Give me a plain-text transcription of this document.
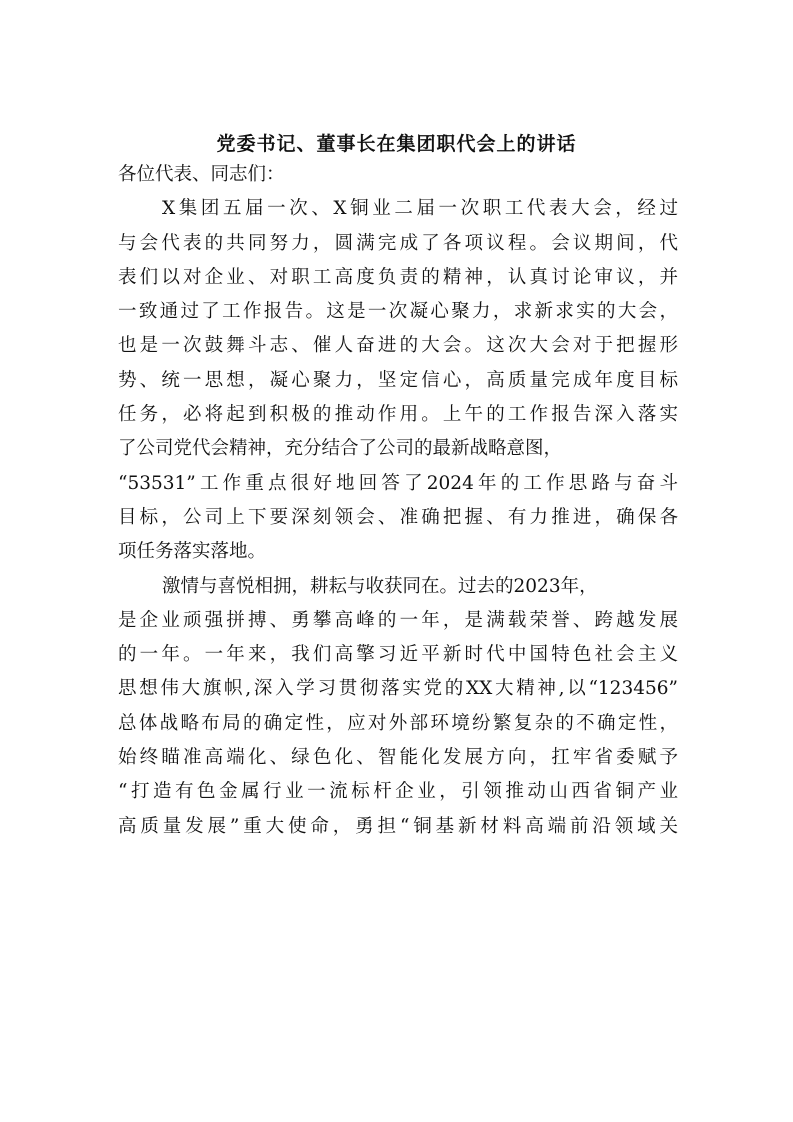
党委书记、董事长在集团职代会上的讲话
各位代表、同志们：
X集团五届一次、X铜业二届一次职工代表大会，经过
与会代表的共同努力，圆满完成了各项议程。会议期间，代
表们以对企业、对职工高度负责的精神，认真讨论审议，并
一致通过了工作报告。这是一次凝心聚力，求新求实的大会，
也是一次鼓舞斗志、催人奋进的大会。这次大会对于把握形
势、统一思想，凝心聚力，坚定信心，高质量完成年度目标
任务，必将起到积极的推动作用。上午的工作报告深入落实
了公司党代会精神，充分结合了公司的最新战略意图，
“53531”工作重点很好地回答了2024年的工作思路与奋斗
目标，公司上下要深刻领会、准确把握、有力推进，确保各
项任务落实落地。
激情与喜悦相拥，耕耘与收获同在。过去的2023年，
是企业顽强拼搏、勇攀高峰的一年，是满载荣誉、跨越发展
的一年。一年来，我们高擎习近平新时代中国特色社会主义
思想伟大旗帜,深入学习贯彻落实党的XX大精神,以“123456”
总体战略布局的确定性，应对外部环境纷繁复杂的不确定性，
始终瞄准高端化、绿色化、智能化发展方向，扛牢省委赋予
“打造有色金属行业一流标杆企业，引领推动山西省铜产业
高质量发展”重大使命，勇担“铜基新材料高端前沿领域关
